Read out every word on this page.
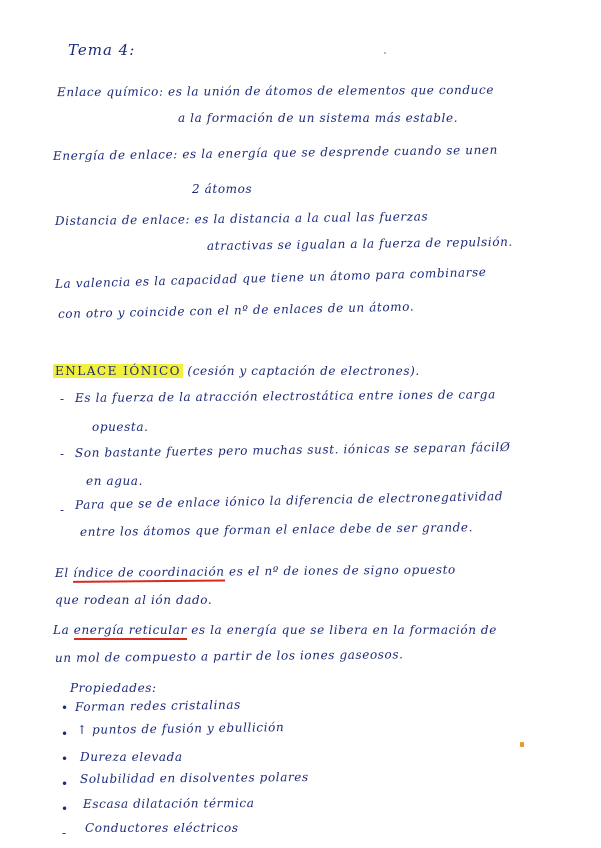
Tema 4:
Enlace químico: es la unión de átomos de elementos que conduce
a la formación de un sistema más estable.
Energía de enlace: es la energía que se desprende cuando se unen
2 átomos
Distancia de enlace: es la distancia a la cual las fuerzas
atractivas se igualan a la fuerza de repulsión.
La valencia es la capacidad que tiene un átomo para combinarse
con otro y coincide con el nº de enlaces de un átomo.
ENLACE IÓNICO (cesión y captación de electrones).
- Es la fuerza de la atracción electrostática entre iones de carga
opuesta.
- Son bastante fuertes pero muchas sust. iónicas se separan fácilØ
en agua.
- Para que se de enlace iónico la diferencia de electronegatividad
entre los átomos que forman el enlace debe de ser grande.
El índice de coordinación es el nº de iones de signo opuesto
que rodean al ión dado.
La energía reticular es la energía que se libera en la formación de
un mol de compuesto a partir de los iones gaseosos.
Propiedades:
• Forman redes cristalinas
• ↑ puntos de fusión y ebullición
• Dureza elevada
• Solubilidad en disolventes polares
• Escasa dilatación térmica
- Conductores eléctricos
